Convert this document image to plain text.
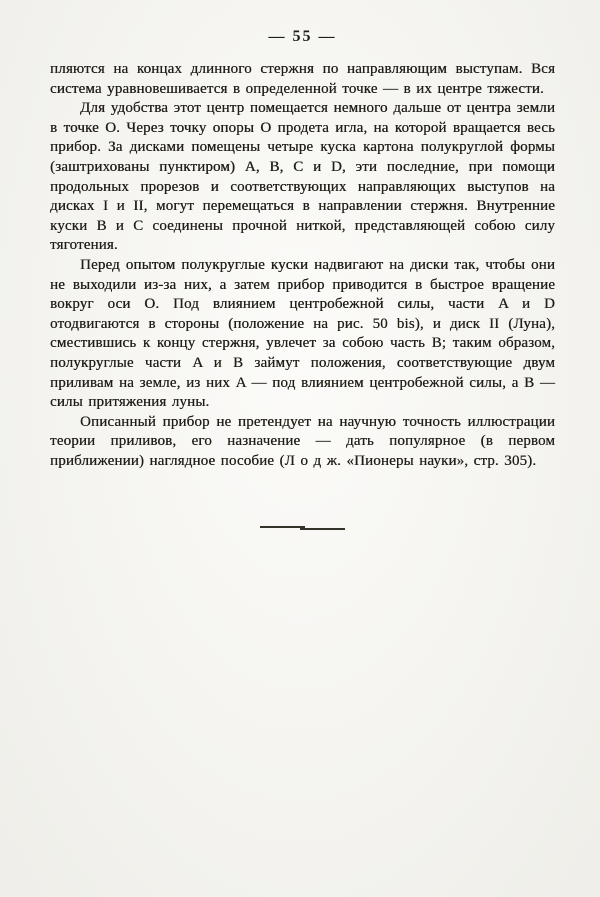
— 55 —

пляются на концах длинного стержня по направляющим выступам. Вся система уравновешивается в определенной точке — в их центре тяжести.

Для удобства этот центр помещается немного дальше от центра земли в точке O. Через точку опоры O продета игла, на которой вращается весь прибор. За дисками помещены четыре куска картона полукруглой формы (заштрихованы пунктиром) A, B, C и D, эти последние, при помощи продольных прорезов и соответствующих направляющих выступов на дисках I и II, могут перемещаться в направлении стержня. Внутренние куски B и C соединены прочной ниткой, представляющей собою силу тяготения.

Перед опытом полукруглые куски надвигают на диски так, чтобы они не выходили из-за них, а затем прибор приводится в быстрое вращение вокруг оси O. Под влиянием центробежной силы, части A и D отодвигаются в стороны (положение на рис. 50 bis), и диск II (Луна), сместившись к концу стержня, увлечет за собою часть B; таким образом, полукруглые части A и B займут положения, соответствующие двум приливам на земле, из них A — под влиянием центробежной силы, а B — силы притяжения луны.

Описанный прибор не претендует на научную точность иллюстрации теории приливов, его назначение — дать популярное (в первом приближении) наглядное пособие (Л о д ж. «Пионеры науки», стр. 305).
